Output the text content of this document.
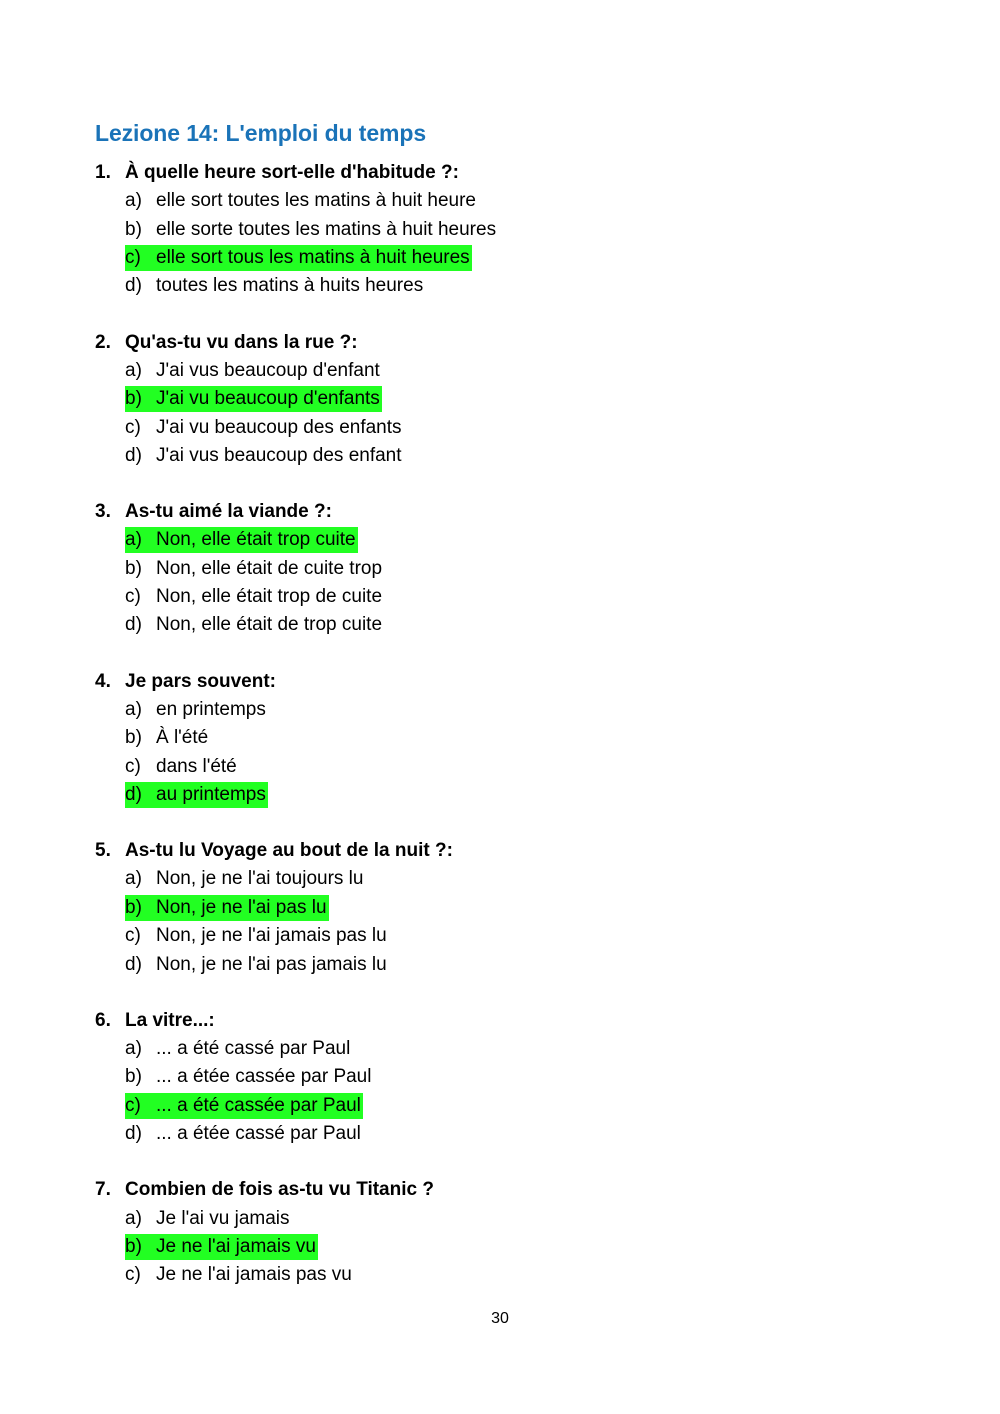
Lezione 14: L'emploi du temps
1. À quelle heure sort-elle d'habitude ?:
a) elle sort toutes les matins à huit heure
b) elle sorte toutes les matins à huit heures
c) elle sort tous les matins à huit heures
d) toutes les matins à huits heures
2. Qu'as-tu vu dans la rue ?:
a) J'ai vus beaucoup d'enfant
b) J'ai vu beaucoup d'enfants
c) J'ai vu beaucoup des enfants
d) J'ai vus beaucoup des enfant
3. As-tu aimé la viande ?:
a) Non, elle était trop cuite
b) Non, elle était de cuite trop
c) Non, elle était trop de cuite
d) Non, elle était de trop cuite
4. Je pars souvent:
a) en printemps
b) À l'été
c) dans l'été
d) au printemps
5. As-tu lu Voyage au bout de la nuit ?:
a) Non, je ne l'ai toujours lu
b) Non, je ne l'ai pas lu
c) Non, je ne l'ai jamais pas lu
d) Non, je ne l'ai pas jamais lu
6. La vitre...:
a) ... a été cassé par Paul
b) ... a étée cassée par Paul
c) ... a été cassée par Paul
d) ... a étée cassé par Paul
7. Combien de fois as-tu vu Titanic ?
a) Je l'ai vu jamais
b) Je ne l'ai jamais vu
c) Je ne l'ai jamais pas vu
30
